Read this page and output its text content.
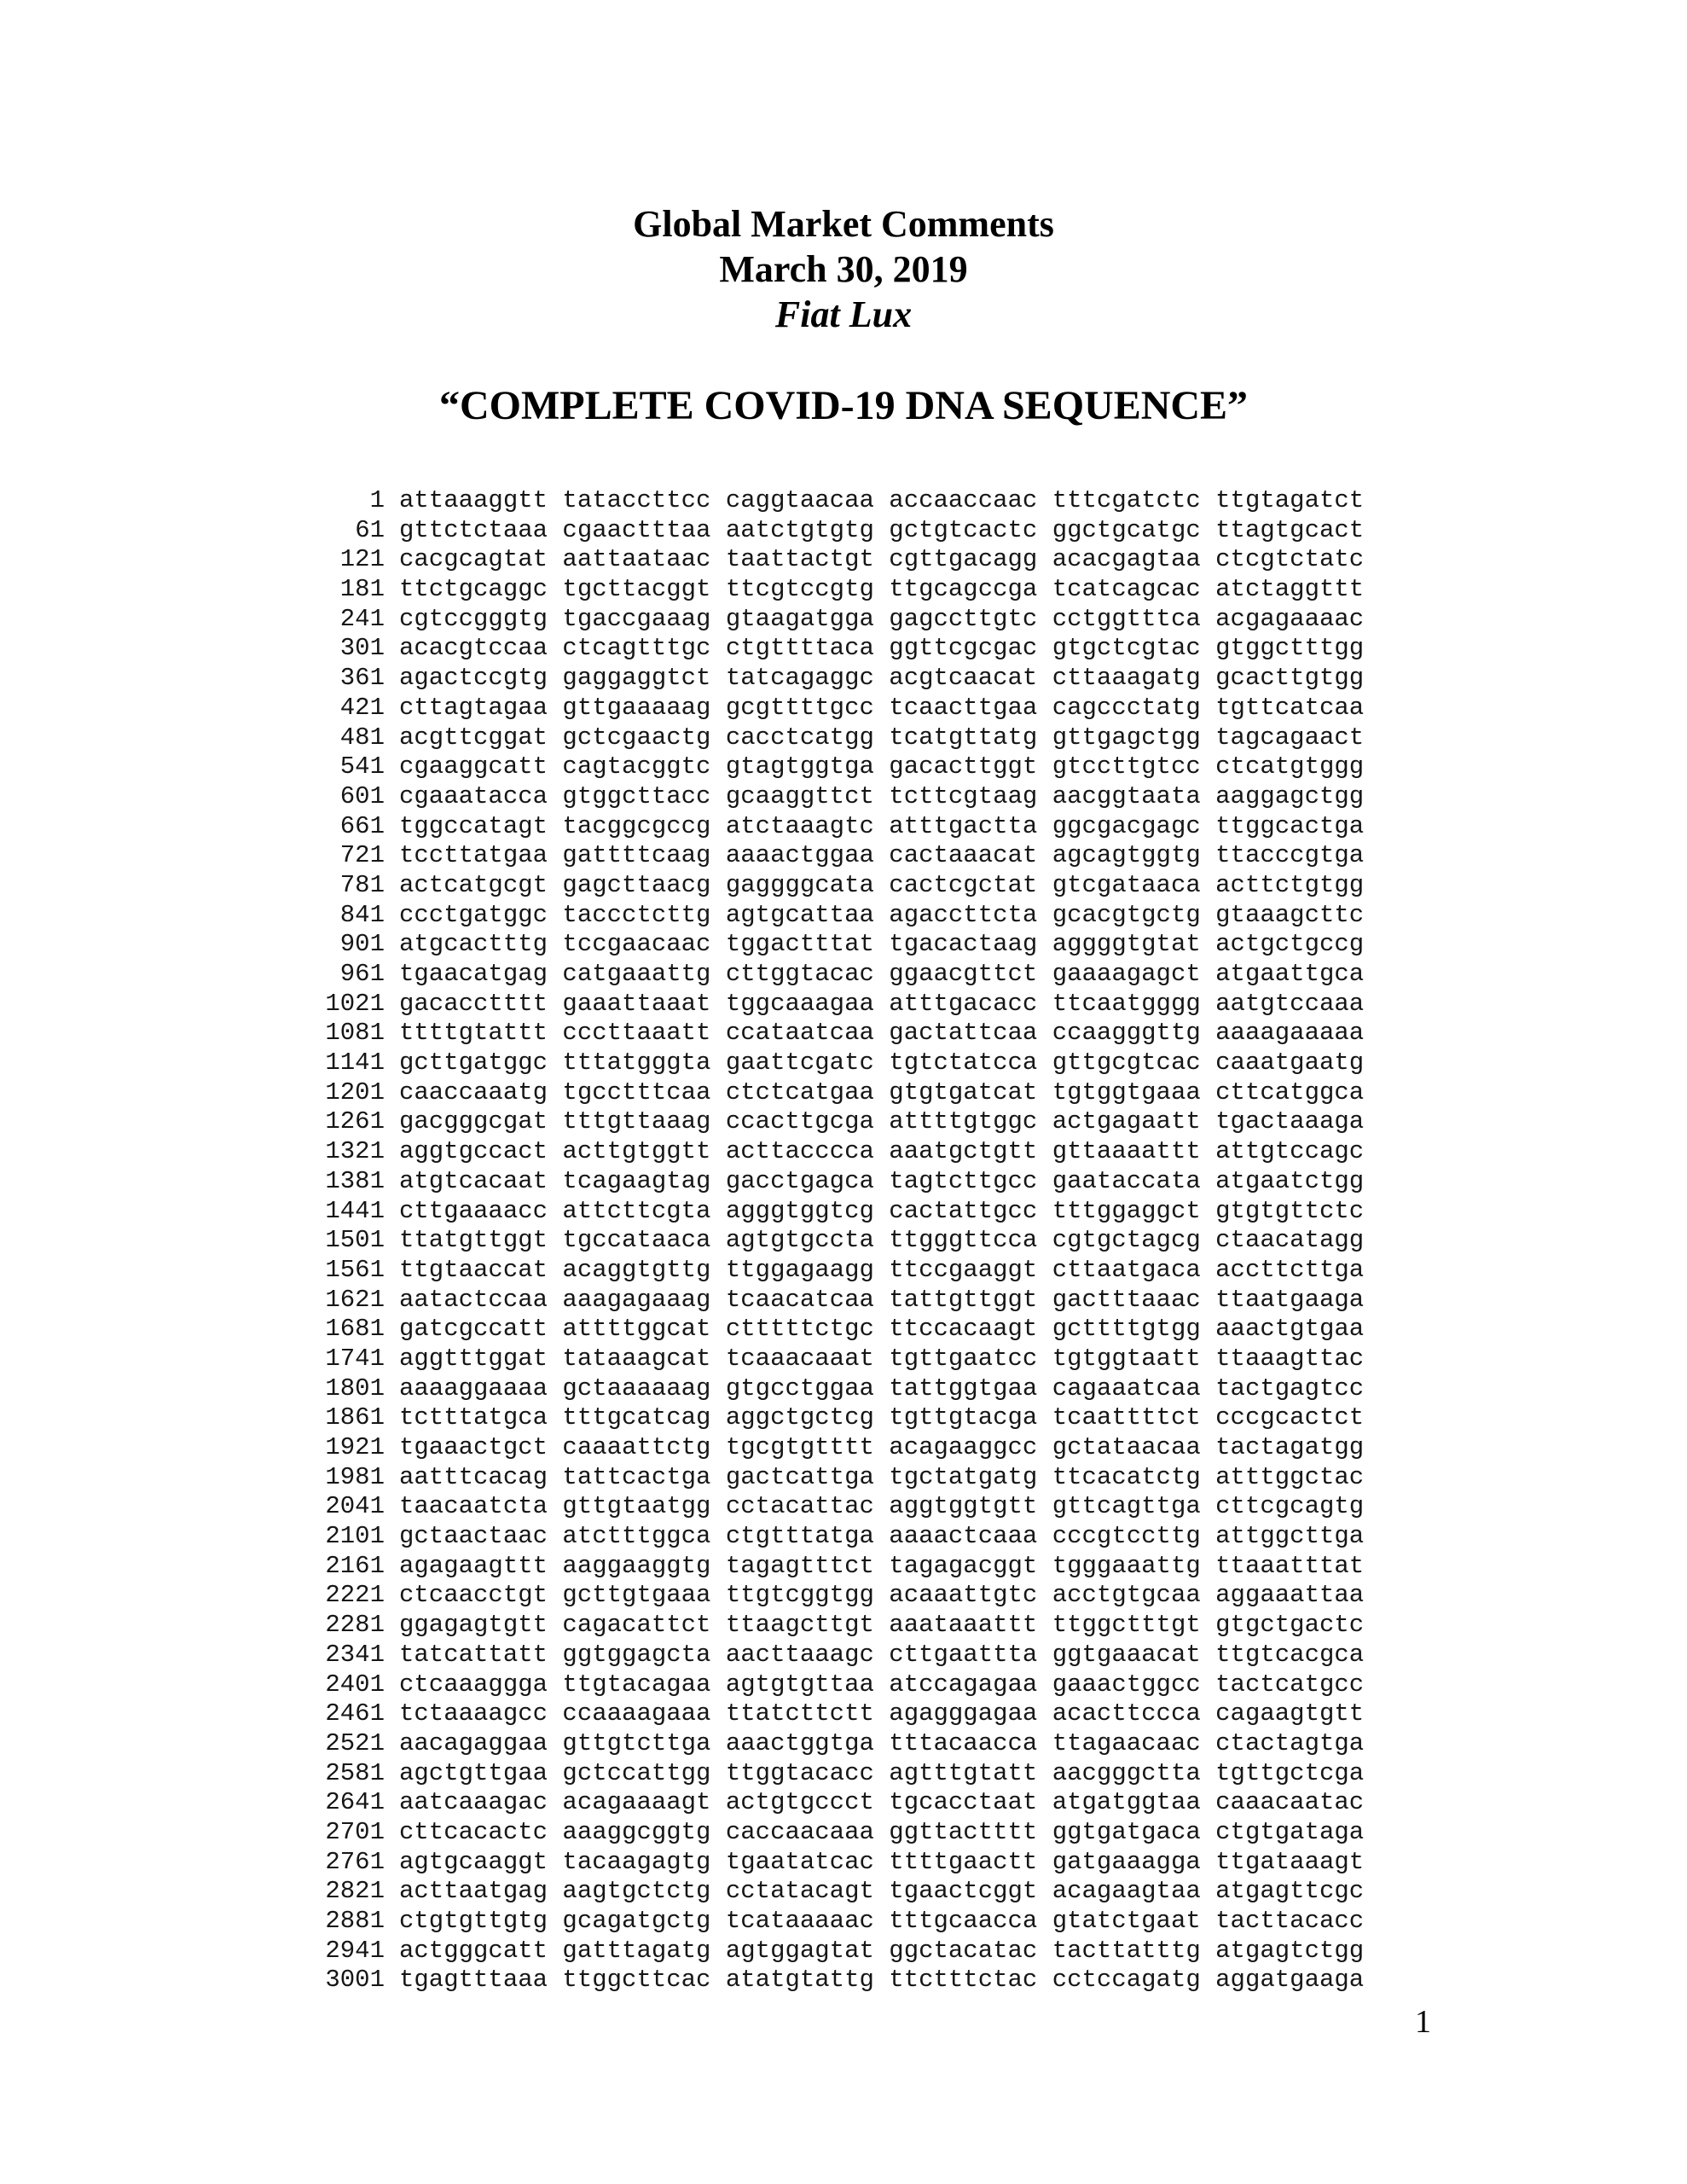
Global Market Comments
March 30, 2019
Fiat Lux
“COMPLETE COVID-19 DNA SEQUENCE”
1 attaaaggtt tataccttcc caggtaacaa accaaccaac tttcgatctc ttgtagatct
61 gttctctaaa cgaactttaa aatctgtgtg gctgtcactc ggctgcatgc ttagtgcact
121 cacgcagtat aattaataac taattactgt cgttgacagg acacgagtaa ctcgtctatc
181 ttctgcaggc tgcttacggt ttcgtccgtg ttgcagccga tcatcagcac atctaggttt
241 cgtccgggtg tgaccgaaag gtaagatgga gagccttgtc cctggtttca acgagaaaac
301 acacgtccaa ctcagtttgc ctgttttaca ggttcgcgac gtgctcgtac gtggctttgg
361 agactccgtg gaggaggtct tatcagaggc acgtcaacat cttaaagatg gcacttgtgg
421 cttagtagaa gttgaaaaag gcgttttgcc tcaacttgaa cagccctatg tgttcatcaa
481 acgttcggat gctcgaactg cacctcatgg tcatgttatg gttgagctgg tagcagaact
541 cgaaggcatt cagtacggtc gtagtggtga gacacttggt gtccttgtcc ctcatgtggg
601 cgaaatacca gtggcttacc gcaaggttct tcttcgtaag aacggtaata aaggagctgg
661 tggccatagt tacggcgccg atctaaagtc atttgactta ggcgacgagc ttggcactga
721 tccttatgaa gattttcaag aaaactggaa cactaaacat agcagtggtg ttacccgtga
781 actcatgcgt gagcttaacg gaggggcata cactcgctat gtcgataaca acttctgtgg
841 ccctgatggc taccctcttg agtgcattaa agaccttcta gcacgtgctg gtaaagcttc
901 atgcactttg tccgaacaac tggactttat tgacactaag aggggtgtat actgctgccg
961 tgaacatgag catgaaattg cttggtacac ggaacgttct gaaaagagct atgaattgca
1021 gacacctttt gaaattaaat tggcaaagaa atttgacacc ttcaatgggg aatgtccaaa
1081 ttttgtattt cccttaaatt ccataatcaa gactattcaa ccaagggttg aaaagaaaaa
1141 gcttgatggc tttatgggta gaattcgatc tgtctatcca gttgcgtcac caaatgaatg
1201 caaccaaatg tgcctttcaa ctctcatgaa gtgtgatcat tgtggtgaaa cttcatggca
1261 gacgggcgat tttgttaaag ccacttgcga attttgtggc actgagaatt tgactaaaga
1321 aggtgccact acttgtggtt acttacccca aaatgctgtt gttaaaattt attgtccagc
1381 atgtcacaat tcagaagtag gacctgagca tagtcttgcc gaataccata atgaatctgg
1441 cttgaaaacc attcttcgta agggtggtcg cactattgcc tttggaggct gtgtgttctc
1501 ttatgttggt tgccataaca agtgtgccta ttgggttcca cgtgctagcg ctaacatagg
1561 ttgtaaccat acaggtgttg ttggagaagg ttccgaaggt cttaatgaca accttcttga
1621 aatactccaa aaagagaaag tcaacatcaa tattgttggt gactttaaac ttaatgaaga
1681 gatcgccatt attttggcat ctttttctgc ttccacaagt gcttttgtgg aaactgtgaa
1741 aggtttggat tataaagcat tcaaacaaat tgttgaatcc tgtggtaatt ttaaagttac
1801 aaaaggaaaa gctaaaaaag gtgcctggaa tattggtgaa cagaaatcaa tactgagtcc
1861 tctttatgca tttgcatcag aggctgctcg tgttgtacga tcaattttct cccgcactct
1921 tgaaactgct caaaattctg tgcgtgtttt acagaaggcc gctataacaa tactagatgg
1981 aatttcacag tattcactga gactcattga tgctatgatg ttcacatctg atttggctac
2041 taacaatcta gttgtaatgg cctacattac aggtggtgtt gttcagttga cttcgcagtg
2101 gctaactaac atctttggca ctgtttatga aaaactcaaa cccgtccttg attggcttga
2161 agagaagttt aaggaaggtg tagagtttct tagagacggt tgggaaattg ttaaatttat
2221 ctcaacctgt gcttgtgaaa ttgtcggtgg acaaattgtc acctgtgcaa aggaaattaa
2281 ggagagtgtt cagacattct ttaagcttgt aaataaattt ttggctttgt gtgctgactc
2341 tatcattatt ggtggagcta aacttaaagc cttgaattta ggtgaaacat ttgtcacgca
2401 ctcaaaggga ttgtacagaa agtgtgttaa atccagagaa gaaactggcc tactcatgcc
2461 tctaaaagcc ccaaaagaaa ttatcttctt agagggagaa acacttccca cagaagtgtt
2521 aacagaggaa gttgtcttga aaactggtga tttacaacca ttagaacaac ctactagtga
2581 agctgttgaa gctccattgg ttggtacacc agtttgtatt aacgggctta tgttgctcga
2641 aatcaaagac acagaaaagt actgtgccct tgcacctaat atgatggtaa caaacaatac
2701 cttcacactc aaaggcggtg caccaacaaa ggttactttt ggtgatgaca ctgtgataga
2761 agtgcaaggt tacaagagtg tgaatatcac ttttgaactt gatgaaagga ttgataaagt
2821 acttaatgag aagtgctctg cctatacagt tgaactcggt acagaagtaa atgagttcgc
2881 ctgtgttgtg gcagatgctg tcataaaaac tttgcaacca gtatctgaat tacttacacc
2941 actgggcatt gatttagatg agtggagtat ggctacatac tacttatttg atgagtctgg
3001 tgagtttaaa ttggcttcac atatgtattg ttctttctac cctccagatg aggatgaaga
1
